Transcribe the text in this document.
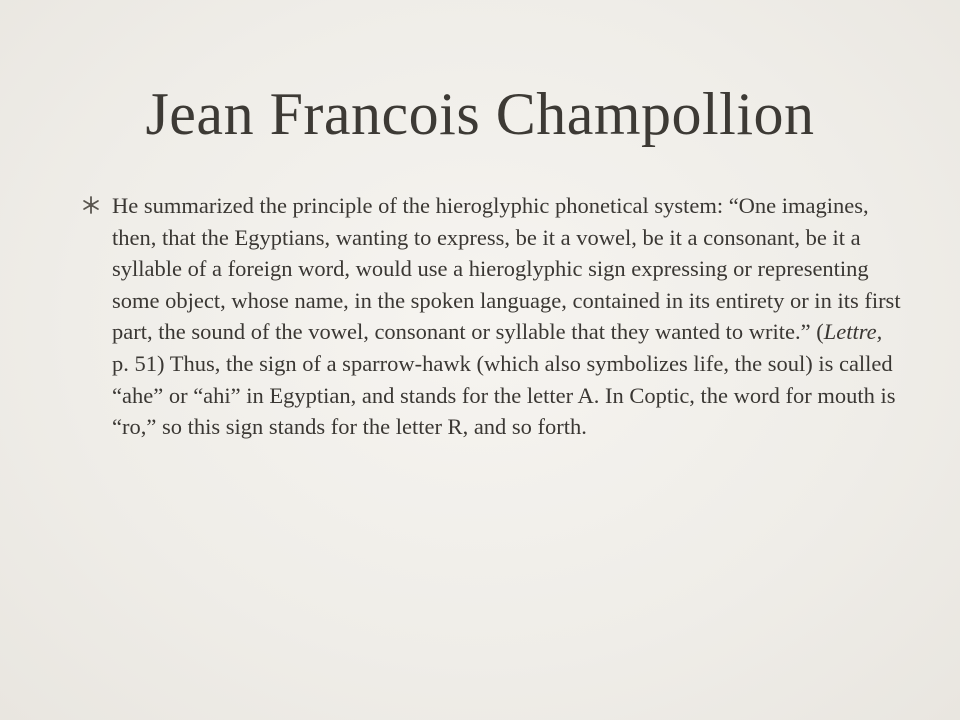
Jean Francois Champollion
He summarized the principle of the hieroglyphic phonetical system: “One imagines, then, that the Egyptians, wanting to express, be it a vowel, be it a consonant, be it a syllable of a foreign word, would use a hieroglyphic sign expressing or representing some object, whose name, in the spoken language, contained in its entirety or in its first part, the sound of the vowel, consonant or syllable that they wanted to write.” (Lettre, p. 51) Thus, the sign of a sparrow-hawk (which also symbolizes life, the soul) is called “ahe” or “ahi” in Egyptian, and stands for the letter A. In Coptic, the word for mouth is “ro,” so this sign stands for the letter R, and so forth.
